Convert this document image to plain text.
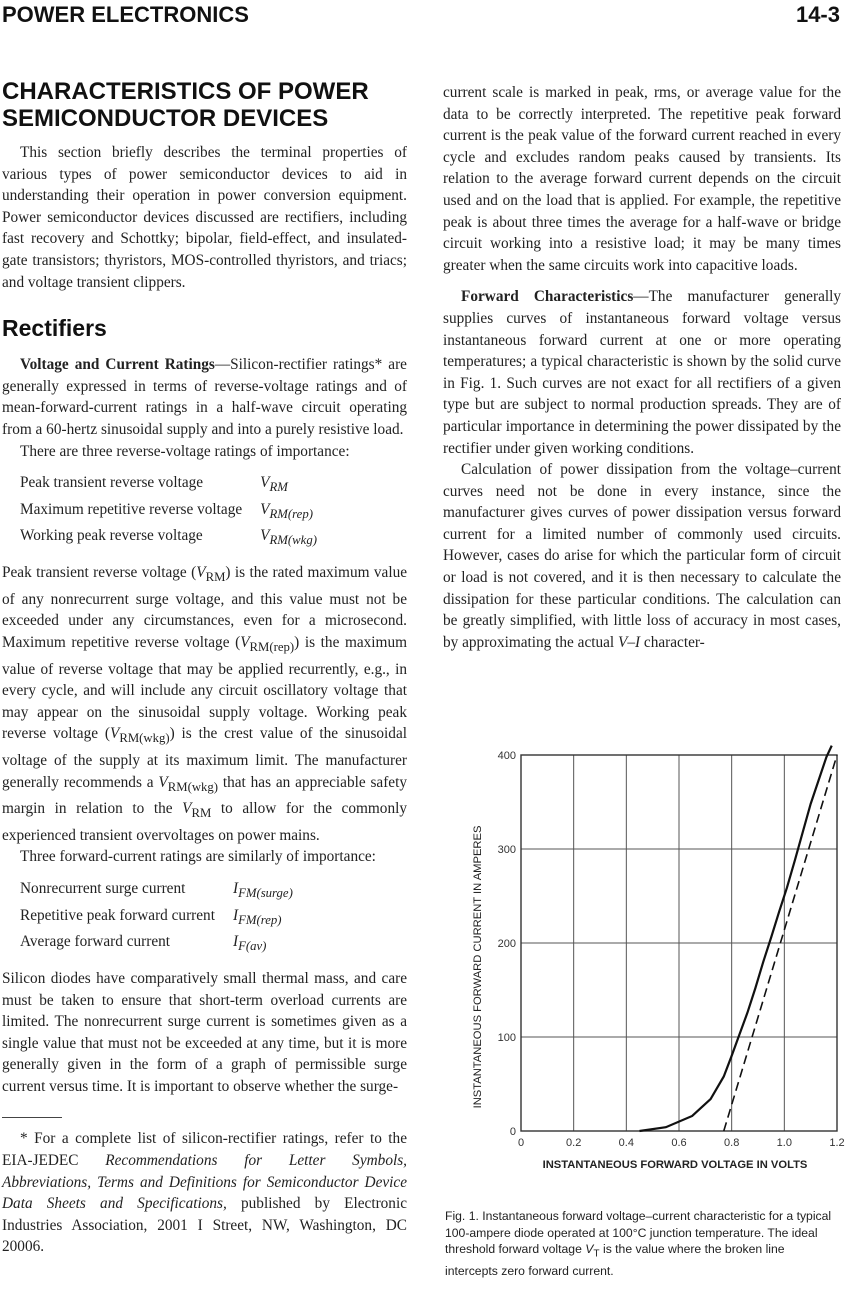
POWER ELECTRONICS	14-3
CHARACTERISTICS OF POWER SEMICONDUCTOR DEVICES

This section briefly describes the terminal properties of various types of power semiconductor devices to aid in understanding their operation in power conversion equipment. Power semiconductor devices discussed are rectifiers, including fast recovery and Schottky; bipolar, field-effect, and insulated-gate transistors; thyristors, MOS-controlled thyristors, and triacs; and voltage transient clippers.

Rectifiers

Voltage and Current Ratings—Silicon-rectifier ratings* are generally expressed in terms of reverse-voltage ratings and of mean-forward-current ratings in a half-wave circuit operating from a 60-hertz sinusoidal supply and into a purely resistive load.

There are three reverse-voltage ratings of importance:

Peak transient reverse voltage	$V_{RM}$
Maximum repetitive reverse voltage	$V_{RM(rep)}$
Working peak reverse voltage	$V_{RM(wkg)}$

Peak transient reverse voltage $(V_{RM})$ is the rated maximum value of any nonrecurrent surge voltage, and this value must not be exceeded under any circumstances, even for a microsecond. Maximum repetitive reverse voltage $(V_{RM(rep)})$ is the maximum value of reverse voltage that may be applied recurrently, e.g., in every cycle, and will include any circuit oscillatory voltage that may appear on the sinusoidal supply voltage. Working peak reverse voltage $(V_{RM(wkg)})$ is the crest value of the sinusoidal voltage of the supply at its maximum limit. The manufacturer generally recommends a $V_{RM(wkg)}$ that has an appreciable safety margin in relation to the $V_{RM}$ to allow for the commonly experienced transient overvoltages on power mains.

Three forward-current ratings are similarly of importance:

Nonrecurrent surge current	$I_{FM(surge)}$
Repetitive peak forward current	$I_{FM(rep)}$
Average forward current	$I_{F(av)}$

Silicon diodes have comparatively small thermal mass, and care must be taken to ensure that short-term overload currents are limited. The nonrecurrent surge current is sometimes given as a single value that must not be exceeded at any time, but it is more generally given in the form of a graph of permissible surge current versus time. It is important to observe whether the surge-

* For a complete list of silicon-rectifier ratings, refer to the EIA-JEDEC Recommendations for Letter Symbols, Abbreviations, Terms and Definitions for Semiconductor Device Data Sheets and Specifications, published by Electronic Industries Association, 2001 I Street, NW, Washington, DC 20006.

current scale is marked in peak, rms, or average value for the data to be correctly interpreted. The repetitive peak forward current is the peak value of the forward current reached in every cycle and excludes random peaks caused by transients. Its relation to the average forward current depends on the circuit used and on the load that is applied. For example, the repetitive peak is about three times the average for a half-wave or bridge circuit working into a resistive load; it may be many times greater when the same circuits work into capacitive loads.

Forward Characteristics—The manufacturer generally supplies curves of instantaneous forward voltage versus instantaneous forward current at one or more operating temperatures; a typical characteristic is shown by the solid curve in Fig. 1. Such curves are not exact for all rectifiers of a given type but are subject to normal production spreads. They are of particular importance in determining the power dissipated by the rectifier under given working conditions.

Calculation of power dissipation from the voltage–current curves need not be done in every instance, since the manufacturer gives curves of power dissipation versus forward current for a limited number of commonly used circuits. However, cases do arise for which the particular form of circuit or load is not covered, and it is then necessary to calculate the dissipation for these particular conditions. The calculation can be greatly simplified, with little loss of accuracy in most cases, by approximating the actual V–I character-

0	0.2	0.4	0.6	0.8	1.0	1.2
0
100
200
300
400
INSTANTANEOUS FORWARD VOLTAGE IN VOLTS
INSTANTANEOUS FORWARD CURRENT IN AMPERES
Fig. 1. Instantaneous forward voltage–current characteristic for a typical 100-ampere diode operated at 100°C junction temperature. The ideal threshold forward voltage $V_T$ is the value where the broken line intercepts zero forward current.
